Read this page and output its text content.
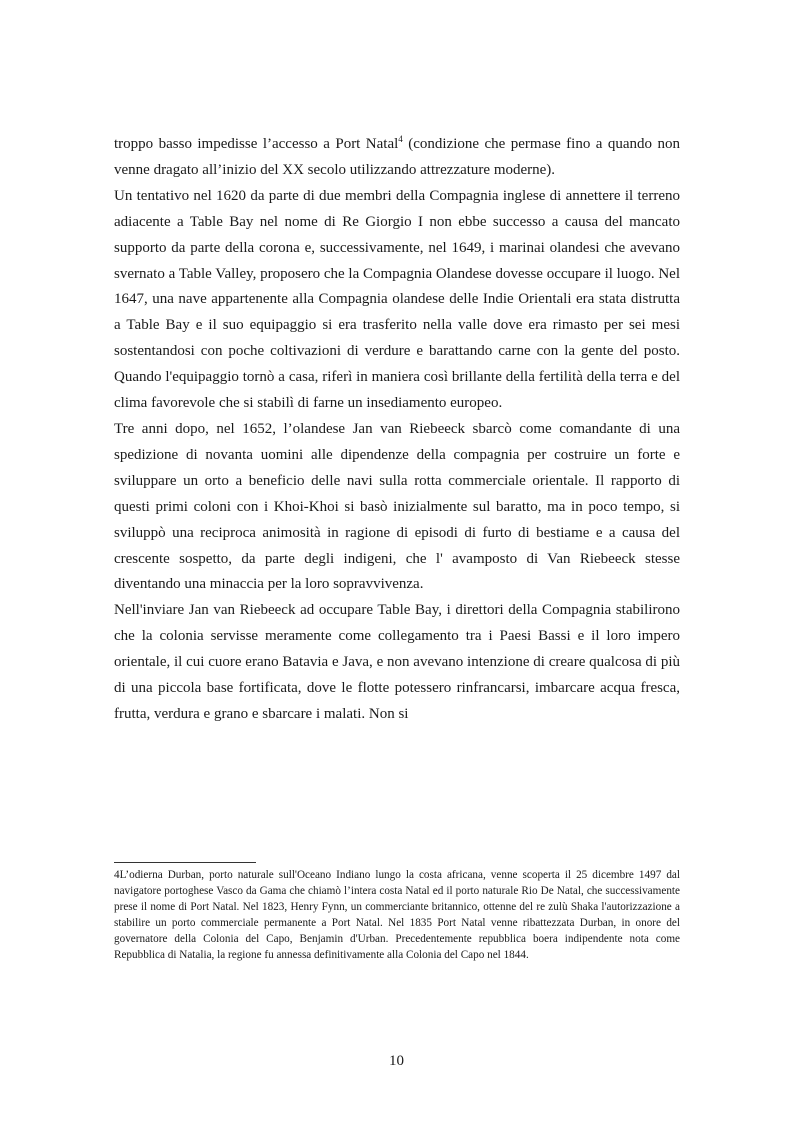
troppo basso impedisse l’accesso a Port Natal$^4$ (condizione che permase fino a quando non venne dragato all’inizio del XX secolo utilizzando attrezzature moderne).

Un tentativo nel 1620 da parte di due membri della Compagnia inglese di annettere il terreno adiacente a Table Bay nel nome di Re Giorgio I non ebbe successo a causa del mancato supporto da parte della corona e, successivamente, nel 1649, i marinai olandesi che avevano svernato a Table Valley, proposero che la Compagnia Olandese dovesse occupare il luogo. Nel 1647, una nave appartenente alla Compagnia olandese delle Indie Orientali era stata distrutta a Table Bay e il suo equipaggio si era trasferito nella valle dove era rimasto per sei mesi sostentandosi con poche coltivazioni di verdure e barattando carne con la gente del posto. Quando l'equipaggio tornò a casa, riferì in maniera così brillante della fertilità della terra e del clima favorevole che si stabilì di farne un insediamento europeo.

Tre anni dopo, nel 1652, l’olandese Jan van Riebeeck sbarcò come comandante di una spedizione di novanta uomini alle dipendenze della compagnia per costruire un forte e sviluppare un orto a beneficio delle navi sulla rotta commerciale orientale. Il rapporto di questi primi coloni con i Khoi-Khoi si basò inizialmente sul baratto, ma in poco tempo, si sviluppò una reciproca animosità in ragione di episodi di furto di bestiame e a causa del crescente sospetto, da parte degli indigeni, che l' avamposto di Van Riebeeck stesse diventando una minaccia per la loro sopravvivenza.

Nell'inviare Jan van Riebeeck ad occupare Table Bay, i direttori della Compagnia stabilirono che la colonia servisse meramente come collegamento tra i Paesi Bassi e il loro impero orientale, il cui cuore erano Batavia e Java, e non avevano intenzione di creare qualcosa di più di una piccola base fortificata, dove le flotte potessero rinfrancarsi, imbarcare acqua fresca, frutta, verdura e grano e sbarcare i malati. Non si

4L’odierna Durban, porto naturale sull'Oceano Indiano lungo la costa africana, venne scoperta il 25 dicembre 1497 dal navigatore portoghese Vasco da Gama che chiamò l’intera costa Natal ed il porto naturale Rio De Natal, che successivamente prese il nome di Port Natal. Nel 1823, Henry Fynn, un commerciante britannico, ottenne del re zulù Shaka l'autorizzazione a stabilire un porto commerciale permanente a Port Natal. Nel 1835 Port Natal venne ribattezzata Durban, in onore del governatore della Colonia del Capo, Benjamin d'Urban. Precedentemente repubblica boera indipendente nota come Repubblica di Natalia, la regione fu annessa definitivamente alla Colonia del Capo nel 1844.
10
